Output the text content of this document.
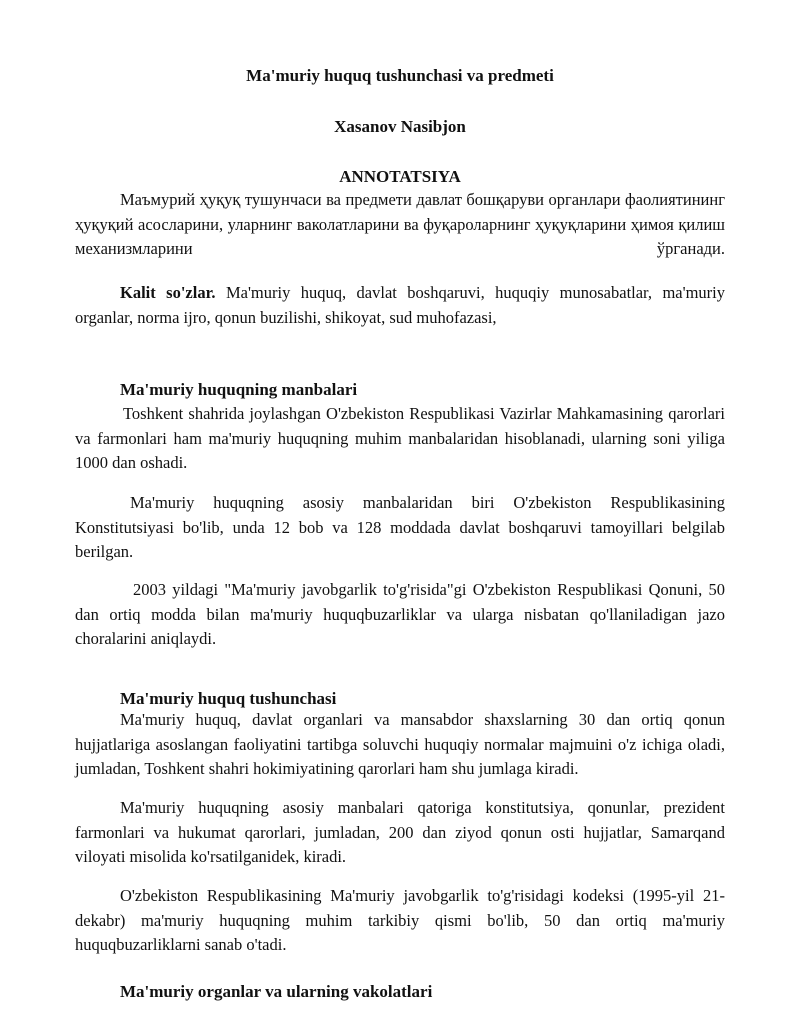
Ma'muriy huquq tushunchasi va predmeti
Xasanov Nasibjon
ANNOTATSIYA

Маъмурий ҳуқуқ тушунчаси ва предмети давлат бошқаруви органлари фаолиятининг ҳуқуқий асосларини, уларнинг ваколатларини ва фуқароларнинг ҳуқуқларини ҳимоя қилиш механизмларини ўрганади.

Kalit so'zlar. Ma'muriy huquq, davlat boshqaruvi, huquqiy munosabatlar, ma'muriy organlar, norma ijro, qonun buzilishi, shikoyat, sud muhofazasi,

Ma'muriy huquqning manbalari

Toshkent shahrida joylashgan O'zbekiston Respublikasi Vazirlar Mahkamasining qarorlari va farmonlari ham ma'muriy huquqning muhim manbalaridan hisoblanadi, ularning soni yiliga 1000 dan oshadi.

Ma'muriy huquqning asosiy manbalaridan biri O'zbekiston Respublikasining Konstitutsiyasi bo'lib, unda 12 bob va 128 moddada davlat boshqaruvi tamoyillari belgilab berilgan.

2003 yildagi "Ma'muriy javobgarlik to'g'risida"gi O'zbekiston Respublikasi Qonuni, 50 dan ortiq modda bilan ma'muriy huquqbuzarliklar va ularga nisbatan qo'llaniladigan jazo choralarini aniqlaydi.

Ma'muriy huquq tushunchasi

Ma'muriy huquq, davlat organlari va mansabdor shaxslarning 30 dan ortiq qonun hujjatlariga asoslangan faoliyatini tartibga soluvchi huquqiy normalar majmuini o'z ichiga oladi, jumladan, Toshkent shahri hokimiyatining qarorlari ham shu jumlaga kiradi.

Ma'muriy huquqning asosiy manbalari qatoriga konstitutsiya, qonunlar, prezident farmonlari va hukumat qarorlari, jumladan, 200 dan ziyod qonun osti hujjatlar, Samarqand viloyati misolida ko'rsatilganidek, kiradi.

O'zbekiston Respublikasining Ma'muriy javobgarlik to'g'risidagi kodeksi (1995-yil 21-dekabr) ma'muriy huquqning muhim tarkibiy qismi bo'lib, 50 dan ortiq ma'muriy huquqbuzarliklarni sanab o'tadi.

Ma'muriy organlar va ularning vakolatlari
